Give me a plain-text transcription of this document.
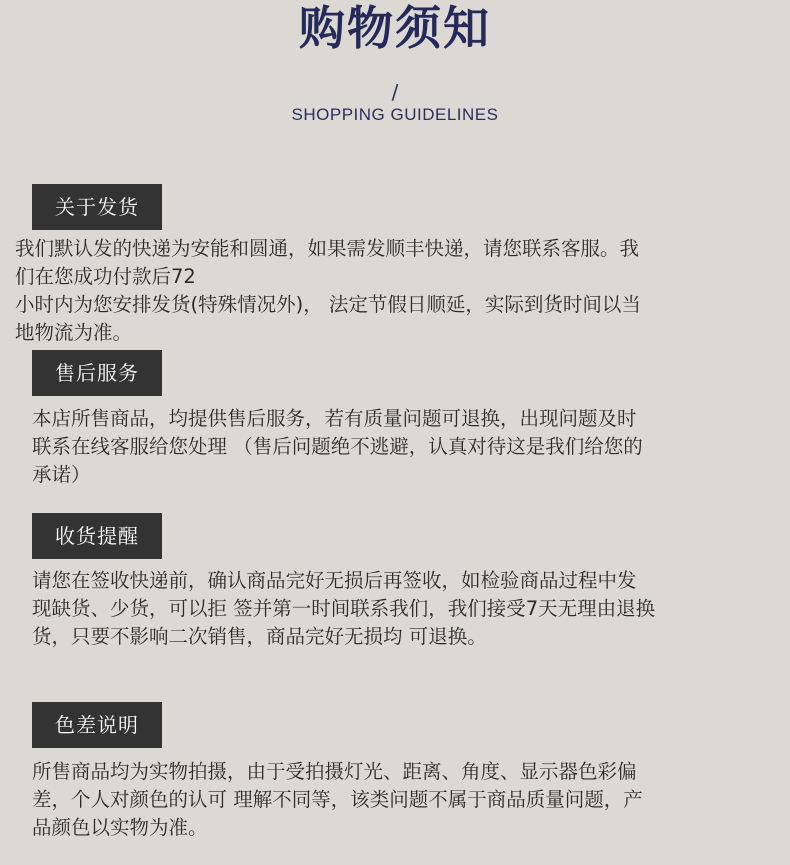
购物须知
/
SHOPPING GUIDELINES
关于发货
我们默认发的快递为安能和圆通，如果需发顺丰快递，请您联系客服。我
们在您成功付款后72
小时内为您安排发货(特殊情况外)， 法定节假日顺延，实际到货时间以当
地物流为准。
售后服务
本店所售商品，均提供售后服务，若有质量问题可退换，出现问题及时
联系在线客服给您处理 （售后问题绝不逃避，认真对待这是我们给您的
承诺）
收货提醒
请您在签收快递前，确认商品完好无损后再签收，如检验商品过程中发
现缺货、少货，可以拒 签并第一时间联系我们，我们接受7天无理由退换
货，只要不影响二次销售，商品完好无损均 可退换。
色差说明
所售商品均为实物拍摄，由于受拍摄灯光、距离、角度、显示器色彩偏
差，个人对颜色的认可 理解不同等，该类问题不属于商品质量问题，产
品颜色以实物为准。
